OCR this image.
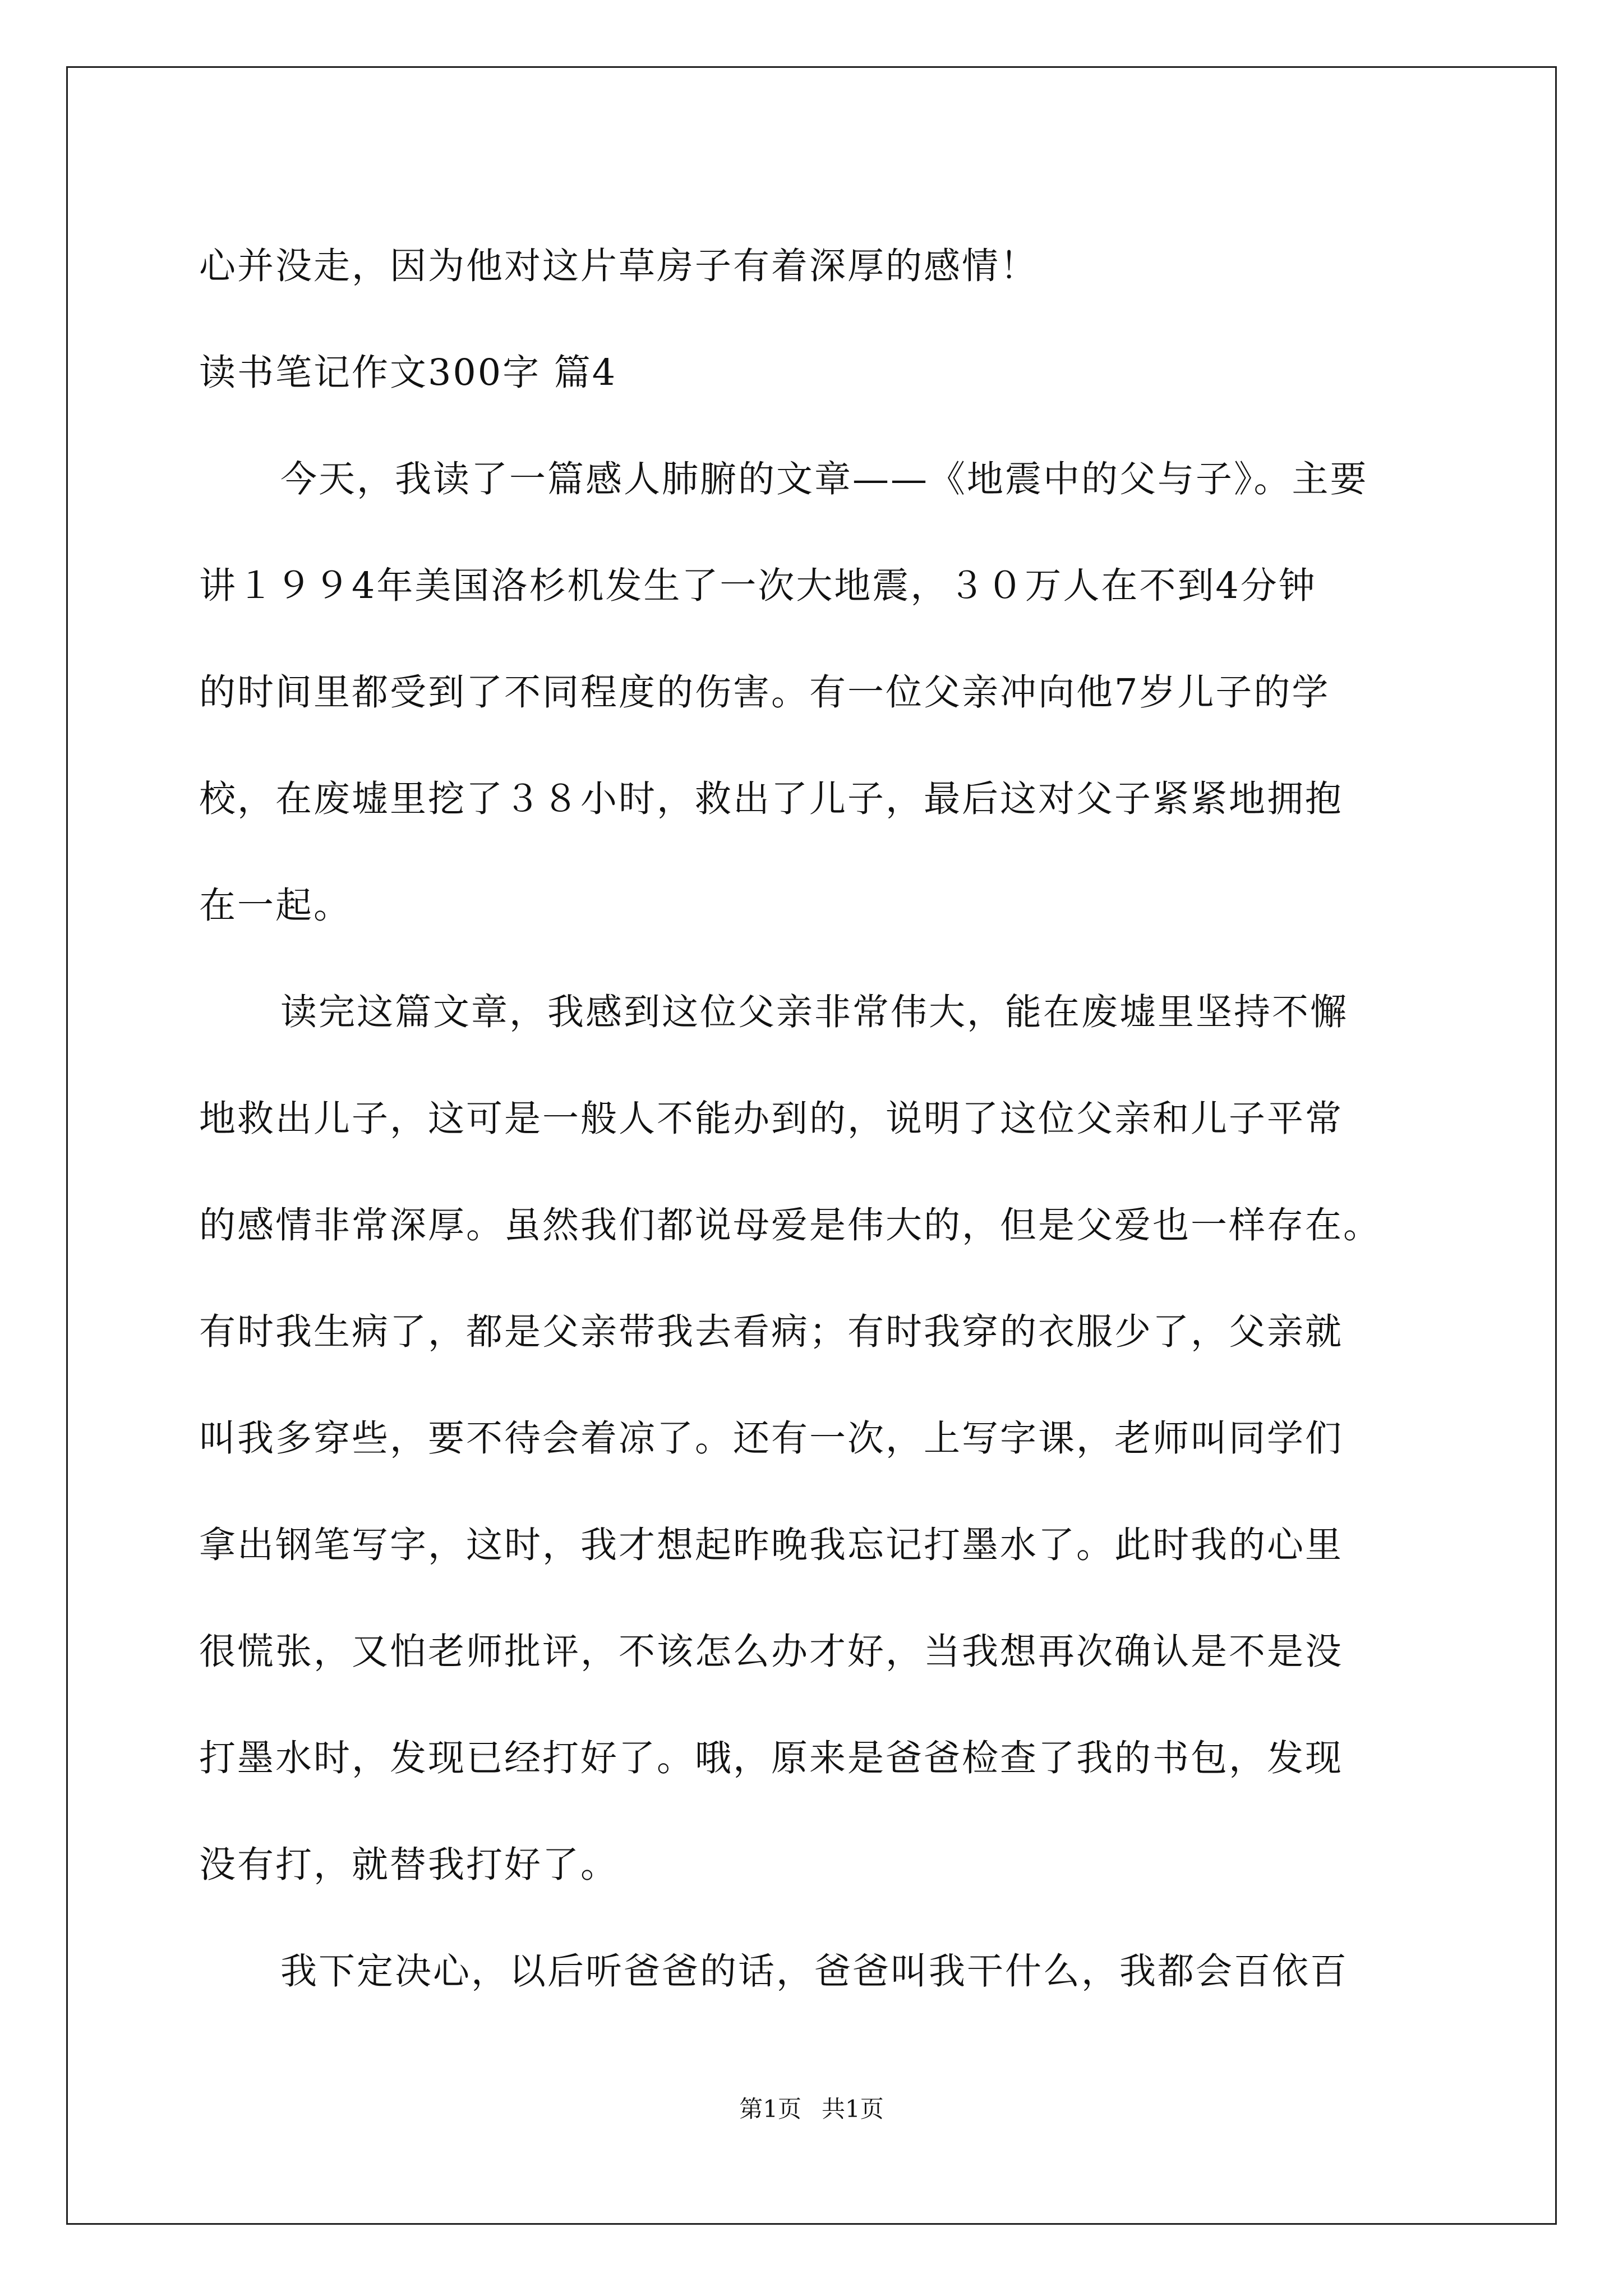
心并没走，因为他对这片草房子有着深厚的感情！
读书笔记作文300字 篇4
今天，我读了一篇感人肺腑的文章——《地震中的父与子》。主要
讲１９９4年美国洛杉机发生了一次大地震，３０万人在不到4分钟
的时间里都受到了不同程度的伤害。有一位父亲冲向他7岁儿子的学
校，在废墟里挖了３８小时，救出了儿子，最后这对父子紧紧地拥抱
在一起。
读完这篇文章，我感到这位父亲非常伟大，能在废墟里坚持不懈
地救出儿子，这可是一般人不能办到的，说明了这位父亲和儿子平常
的感情非常深厚。虽然我们都说母爱是伟大的，但是父爱也一样存在。
有时我生病了，都是父亲带我去看病；有时我穿的衣服少了，父亲就
叫我多穿些，要不待会着凉了。还有一次，上写字课，老师叫同学们
拿出钢笔写字，这时，我才想起昨晚我忘记打墨水了。此时我的心里
很慌张，又怕老师批评，不该怎么办才好，当我想再次确认是不是没
打墨水时，发现已经打好了。哦，原来是爸爸检查了我的书包，发现
没有打，就替我打好了。
我下定决心，以后听爸爸的话，爸爸叫我干什么，我都会百依百
第1页 共1页
